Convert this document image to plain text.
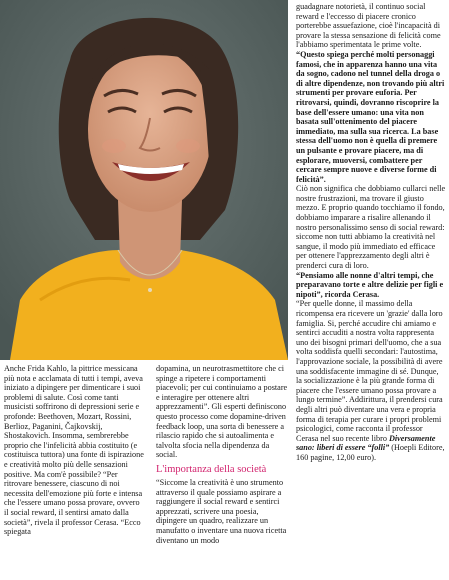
Anche Frida Kahlo, la pittrice messicana più nota e acclamata di tutti i tempi, aveva iniziato a dipingere per dimenticare i suoi problemi di salute. Così come tanti musicisti soffrirono di depressioni serie e profonde: Beethoven, Mozart, Rossini, Berlioz, Paganini, Čajkovskij, Shostakovich. Insomma, sembrerebbe proprio che l'infelicità abbia costituito (e costituisca tuttora) una fonte di ispirazione e creatività molto più delle sensazioni positive. Ma com'è possibile? “Per ritrovare benessere, ciascuno di noi necessita dell'emozione più forte e intensa che l'essere umano possa provare, ovvero il social reward, il sentirsi amato dalla società”, rivela il professor Cerasa. “Ecco spiegata

dopamina, un neurotrasmettitore che ci spinge a ripetere i comportamenti piacevoli; per cui continuiamo a postare e interagire per ottenere altri apprezzamenti”. Gli esperti definiscono questo processo come dopamine-driven feedback loop, una sorta di benessere a rilascio rapido che si autoalimenta e talvolta sfocia nella dipendenza da social.

L'importanza della società

“Siccome la creatività è uno strumento attraverso il quale possiamo aspirare a raggiungere il social reward e sentirci apprezzati, scrivere una poesia, dipingere un quadro, realizzare un manufatto o inventare una nuova ricetta diventano un modo

guadagnare notorietà, il continuo social reward e l'eccesso di piacere cronico porterebbe assuefazione, cioè l'incapacità di provare la stessa sensazione di felicità come l'abbiamo sperimentata le prime volte.

“Questo spiega perché molti personaggi famosi, che in apparenza hanno una vita da sogno, cadono nel tunnel della droga o di altre dipendenze, non trovando più altri strumenti per provare euforia. Per ritrovarsi, quindi, dovranno riscoprire la base dell'essere umano: una vita non basata sull'ottenimento del piacere immediato, ma sulla sua ricerca. La base stessa dell'uomo non è quella di premere un pulsante e provare piacere, ma di esplorare, muoversi, combattere per cercare sempre nuove e diverse forme di felicità”.

Ciò non significa che dobbiamo cullarci nelle nostre frustrazioni, ma trovare il giusto mezzo. E proprio quando tocchiamo il fondo, dobbiamo imparare a risalire allenando il nostro personalissimo senso di social reward: siccome non tutti abbiamo la creatività nel sangue, il modo più immediato ed efficace per ottenere l'apprezzamento degli altri è prenderci cura di loro.

“Pensiamo alle nonne d'altri tempi, che preparavano torte e altre delizie per figli e nipoti”, ricorda Cerasa.

“Per quelle donne, il massimo della ricompensa era ricevere un 'grazie' dalla loro famiglia. Si, perché accudire chi amiamo e sentirci accuditi a nostra volta rappresenta uno dei bisogni primari dell'uomo, che a sua volta soddisfa quelli secondari: l'autostima, l'approvazione sociale, la possibilità di avere una soddisfacente immagine di sé. Dunque, la socializzazione è la più grande forma di piacere che l'essere umano possa provare a lungo termine”. Addirittura, il prendersi cura degli altri può diventare una vera e propria forma di terapia per curare i propri problemi psicologici, come racconta il professor Cerasa nel suo recente libro Diversamente sano: liberi di essere “folli” (Hoepli Editore, 160 pagine, 12,00 euro).
